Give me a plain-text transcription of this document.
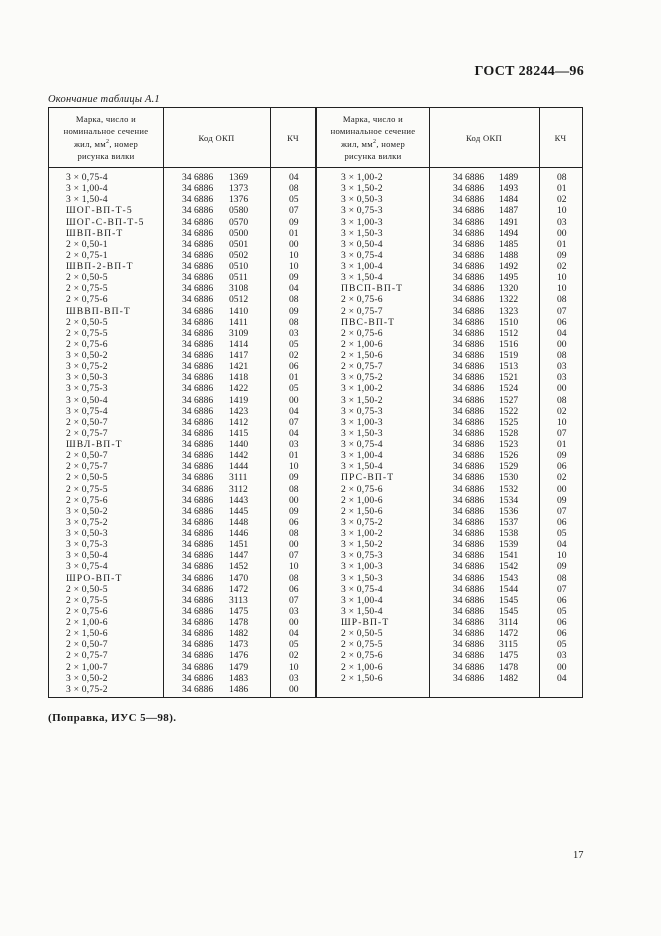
ГОСТ 28244—96
Окончание таблицы А.1
Марка, число и
номинальное сечение
жил, $мм^2$, номер
рисунка вилки
Код ОКП	КЧ
Марка, число и
номинальное сечение
жил, $мм^2$, номер
рисунка вилки
Код ОКП	КЧ
3 × 0,75-4	34 6886 1369	04
3 × 1,00-4	34 6886 1373	08
3 × 1,50-4	34 6886 1376	05
ШОГ-ВП-Т-5	34 6886 0580	07
ШОГ-С-ВП-Т-5	34 6886 0570	09
ШВП-ВП-Т	34 6886 0500	01
2 × 0,50-1	34 6886 0501	00
2 × 0,75-1	34 6886 0502	10
ШВП-2-ВП-Т	34 6886 0510	10
2 × 0,50-5	34 6886 0511	09
2 × 0,75-5	34 6886 3108	04
2 × 0,75-6	34 6886 0512	08
ШВВП-ВП-Т	34 6886 1410	09
2 × 0,50-5	34 6886 1411	08
2 × 0,75-5	34 6886 3109	03
2 × 0,75-6	34 6886 1414	05
3 × 0,50-2	34 6886 1417	02
3 × 0,75-2	34 6886 1421	06
3 × 0,50-3	34 6886 1418	01
3 × 0,75-3	34 6886 1422	05
3 × 0,50-4	34 6886 1419	00
3 × 0,75-4	34 6886 1423	04
2 × 0,50-7	34 6886 1412	07
2 × 0,75-7	34 6886 1415	04
ШВЛ-ВП-Т	34 6886 1440	03
2 × 0,50-7	34 6886 1442	01
2 × 0,75-7	34 6886 1444	10
2 × 0,50-5	34 6886 3111	09
2 × 0,75-5	34 6886 3112	08
2 × 0,75-6	34 6886 1443	00
3 × 0,50-2	34 6886 1445	09
3 × 0,75-2	34 6886 1448	06
3 × 0,50-3	34 6886 1446	08
3 × 0,75-3	34 6886 1451	00
3 × 0,50-4	34 6886 1447	07
3 × 0,75-4	34 6886 1452	10
ШРО-ВП-Т	34 6886 1470	08
2 × 0,50-5	34 6886 1472	06
2 × 0,75-5	34 6886 3113	07
2 × 0,75-6	34 6886 1475	03
2 × 1,00-6	34 6886 1478	00
2 × 1,50-6	34 6886 1482	04
2 × 0,50-7	34 6886 1473	05
2 × 0,75-7	34 6886 1476	02
2 × 1,00-7	34 6886 1479	10
3 × 0,50-2	34 6886 1483	03
3 × 0,75-2	34 6886 1486	00
3 × 1,00-2	34 6886 1489	08
3 × 1,50-2	34 6886 1493	01
3 × 0,50-3	34 6886 1484	02
3 × 0,75-3	34 6886 1487	10
3 × 1,00-3	34 6886 1491	03
3 × 1,50-3	34 6886 1494	00
3 × 0,50-4	34 6886 1485	01
3 × 0,75-4	34 6886 1488	09
3 × 1,00-4	34 6886 1492	02
3 × 1,50-4	34 6886 1495	10
ПВСП-ВП-Т	34 6886 1320	10
2 × 0,75-6	34 6886 1322	08
2 × 0,75-7	34 6886 1323	07
ПВС-ВП-Т	34 6886 1510	06
2 × 0,75-6	34 6886 1512	04
2 × 1,00-6	34 6886 1516	00
2 × 1,50-6	34 6886 1519	08
2 × 0,75-7	34 6886 1513	03
3 × 0,75-2	34 6886 1521	03
3 × 1,00-2	34 6886 1524	00
3 × 1,50-2	34 6886 1527	08
3 × 0,75-3	34 6886 1522	02
3 × 1,00-3	34 6886 1525	10
3 × 1,50-3	34 6886 1528	07
3 × 0,75-4	34 6886 1523	01
3 × 1,00-4	34 6886 1526	09
3 × 1,50-4	34 6886 1529	06
ПРС-ВП-Т	34 6886 1530	02
2 × 0,75-6	34 6886 1532	00
2 × 1,00-6	34 6886 1534	09
2 × 1,50-6	34 6886 1536	07
3 × 0,75-2	34 6886 1537	06
3 × 1,00-2	34 6886 1538	05
3 × 1,50-2	34 6886 1539	04
3 × 0,75-3	34 6886 1541	10
3 × 1,00-3	34 6886 1542	09
3 × 1,50-3	34 6886 1543	08
3 × 0,75-4	34 6886 1544	07
3 × 1,00-4	34 6886 1545	06
3 × 1,50-4	34 6886 1545	05
ШР-ВП-Т	34 6886 3114	06
2 × 0,50-5	34 6886 1472	06
2 × 0,75-5	34 6886 3115	05
2 × 0,75-6	34 6886 1475	03
2 × 1,00-6	34 6886 1478	00
2 × 1,50-6	34 6886 1482	04
(Поправка, ИУС 5—98).
17
